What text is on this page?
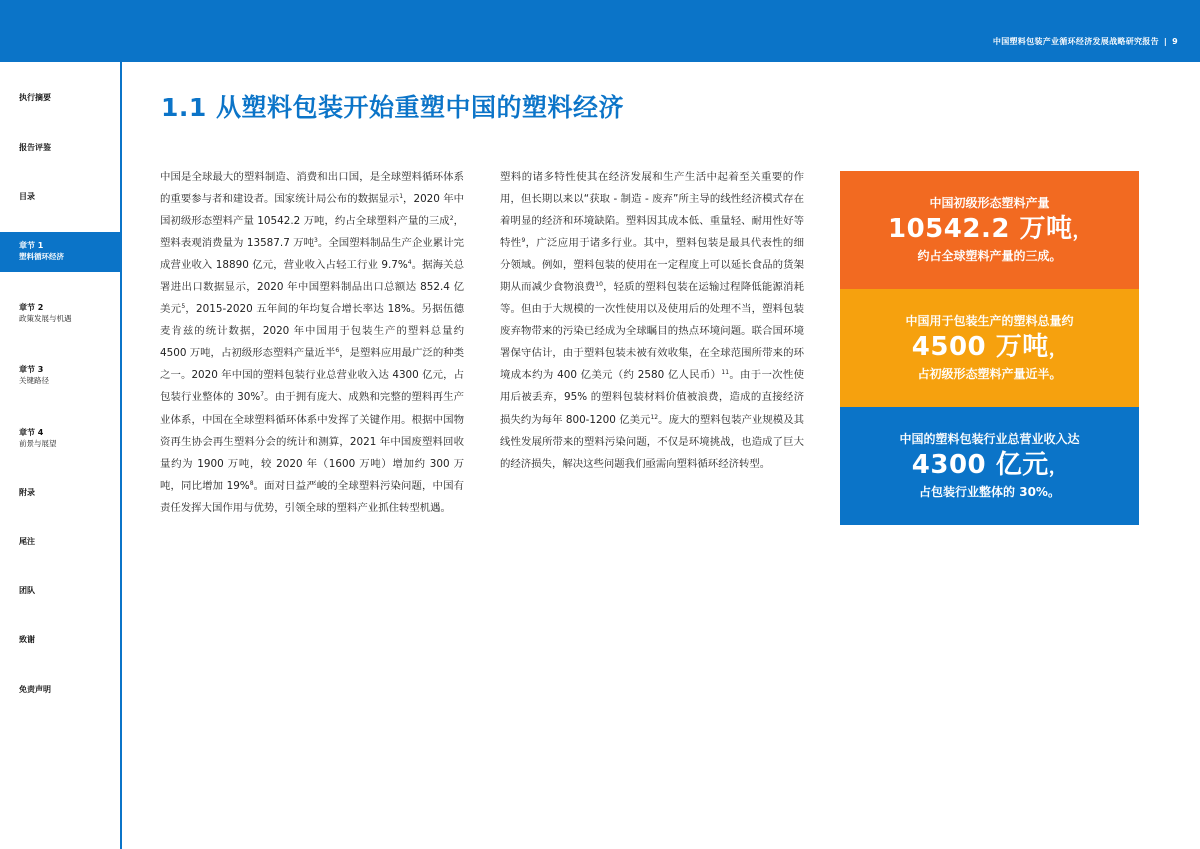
中国塑料包装产业循环经济发展战略研究报告 | 9
执行摘要
报告评鉴
目录
章节 1
塑料循环经济
章节 2
政策发展与机遇
章节 3
关键路径
章节 4
前景与展望
附录
尾注
团队
致谢
免责声明
1.1 从塑料包装开始重塑中国的塑料经济

中国是全球最大的塑料制造、消费和出口国，是全球塑料循环体系的重要参与者和建设者。国家统计局公布的数据显示$^1$，2020 年中国初级形态塑料产量 10542.2 万吨，约占全球塑料产量的三成$^2$，塑料表观消费量为 13587.7 万吨$^3$。全国塑料制品生产企业累计完成营业收入 18890 亿元，营业收入占轻工行业 9.7%$^4$。据海关总署进出口数据显示，2020 年中国塑料制品出口总额达 852.4 亿美元$^5$，2015-2020 五年间的年均复合增长率达 18%。另据伍德麦肯兹的统计数据，2020 年中国用于包装生产的塑料总量约 4500 万吨，占初级形态塑料产量近半$^6$，是塑料应用最广泛的种类之一。2020 年中国的塑料包装行业总营业收入达 4300 亿元，占包装行业整体的 30%$^7$。由于拥有庞大、成熟和完整的塑料再生产业体系，中国在全球塑料循环体系中发挥了关键作用。根据中国物资再生协会再生塑料分会的统计和测算，2021 年中国废塑料回收量约为 1900 万吨，较 2020 年（1600 万吨）增加约 300 万吨，同比增加 19%$^8$。面对日益严峻的全球塑料污染问题，中国有责任发挥大国作用与优势，引领全球的塑料产业抓住转型机遇。

塑料的诸多特性使其在经济发展和生产生活中起着至关重要的作用，但长期以来以“获取 - 制造 - 废弃”所主导的线性经济模式存在着明显的经济和环境缺陷。塑料因其成本低、重量轻、耐用性好等特性$^9$，广泛应用于诸多行业。其中，塑料包装是最具代表性的细分领域。例如，塑料包装的使用在一定程度上可以延长食品的货架期从而减少食物浪费$^{10}$，轻质的塑料包装在运输过程降低能源消耗等。但由于大规模的一次性使用以及使用后的处理不当，塑料包装废弃物带来的污染已经成为全球瞩目的热点环境问题。联合国环境署保守估计，由于塑料包装未被有效收集，在全球范围所带来的环境成本约为 400 亿美元（约 2580 亿人民币）$^{11}$。由于一次性使用后被丢弃，95% 的塑料包装材料价值被浪费，造成的直接经济损失约为每年 800-1200 亿美元$^{12}$。庞大的塑料包装产业规模及其线性发展所带来的塑料污染问题，不仅是环境挑战，也造成了巨大的经济损失，解决这些问题我们亟需向塑料循环经济转型。

中国初级形态塑料产量
10542.2 万吨，
约占全球塑料产量的三成。
中国用于包装生产的塑料总量约
4500 万吨，
占初级形态塑料产量近半。
中国的塑料包装行业总营业收入达
4300 亿元，
占包装行业整体的 30%。
